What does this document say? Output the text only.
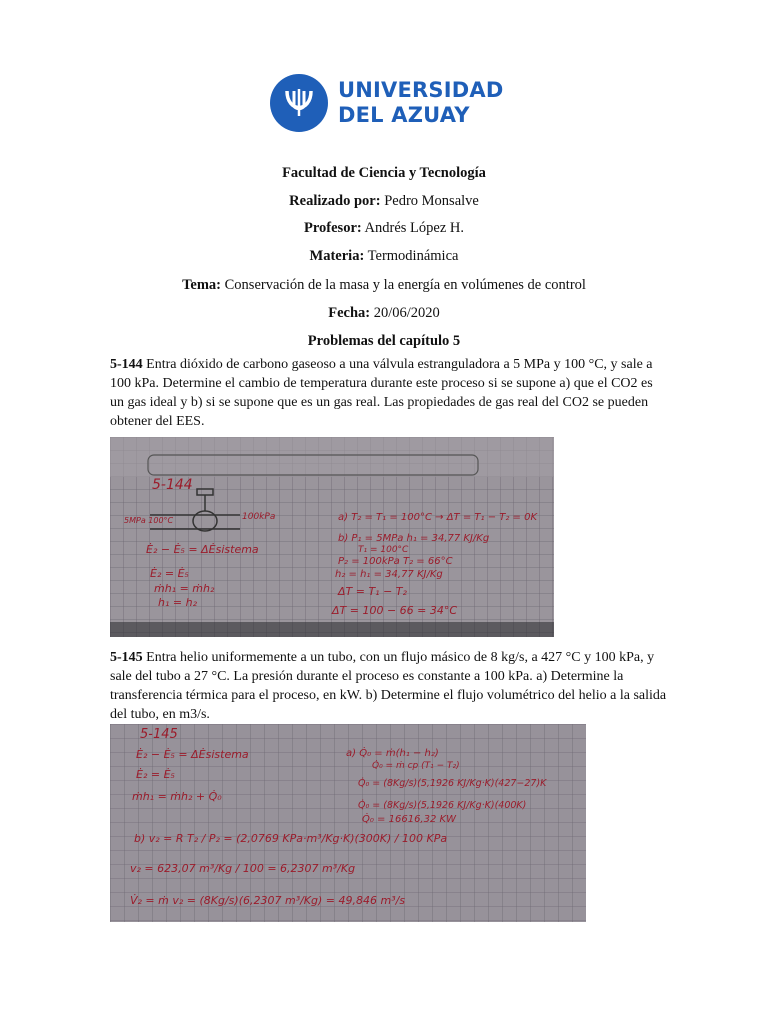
UNIVERSIDAD
DEL AZUAY
Facultad de Ciencia y Tecnología
Realizado por: Pedro Monsalve
Profesor: Andrés López H.
Materia: Termodinámica
Tema: Conservación de la masa y la energía en volúmenes de control
Fecha: 20/06/2020
Problemas del capítulo 5
5-144 Entra dióxido de carbono gaseoso a una válvula estranguladora a 5 MPa y 100 °C, y sale a 100 kPa. Determine el cambio de temperatura durante este proceso si se supone a) que el CO2 es un gas ideal y b) si se supone que es un gas real. Las propiedades de gas real del CO2 se pueden obtener del EES.
5-144
5MPa 100°C	100kPa
Ė₂ − Ė₅ = ΔĖsistema
Ė₂ = Ė₅
ṁh₁ = ṁh₂
h₁ = h₂
a) T₂ = T₁ = 100°C → ΔT = T₁ − T₂ = 0K
b) P₁ = 5MPa h₁ = 34,77 KJ/Kg
T₁ = 100°C
P₂ = 100kPa T₂ = 66°C
h₂ = h₁ = 34,77 KJ/Kg
ΔT = T₁ − T₂
ΔT = 100 − 66 = 34°C
5-145 Entra helio uniformemente a un tubo, con un flujo másico de 8 kg/s, a 427 °C y 100 kPa, y sale del tubo a 27 °C. La presión durante el proceso es constante a 100 kPa. a) Determine la transferencia térmica para el proceso, en kW. b) Determine el flujo volumétrico del helio a la salida del tubo, en m3/s.
5-145
Ė₂ − Ė₅ = ΔĖsistema
Ė₂ = Ė₅
ṁh₁ = ṁh₂ + Q̇₀
a) Q̇₀ = ṁ(h₁ − h₂)
Q̇₀ = ṁ cp (T₁ − T₂)
Q̇₀ = (8Kg/s)(5,1926 KJ/Kg·K)(427−27)K
Q̇₀ = (8Kg/s)(5,1926 KJ/Kg·K)(400K)
Q̇₀ = 16616,32 KW
b) v₂ = R T₂ / P₂ = (2,0769 KPa·m³/Kg·K)(300K) / 100 KPa
v₂ = 623,07 m³/Kg / 100 = 6,2307 m³/Kg
V̇₂ = ṁ v₂ = (8Kg/s)(6,2307 m³/Kg) = 49,846 m³/s
